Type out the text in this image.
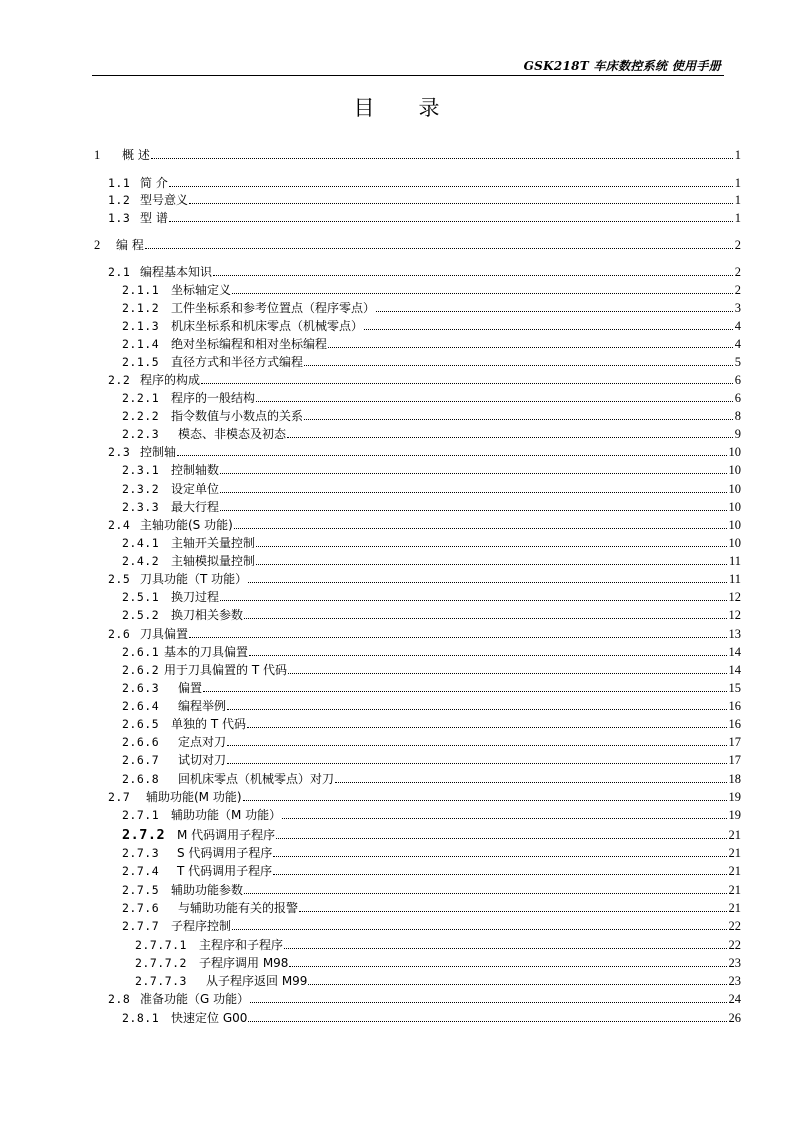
GSK218T 车床数控系统 使用手册
目 录
1 概 述	1
1.1 简 介	1
1.2 型号意义	1
1.3 型 谱	1
2 编 程	2
2.1 编程基本知识	2
2.1.1 坐标轴定义	2
2.1.2 工件坐标系和参考位置点（程序零点）	3
2.1.3 机床坐标系和机床零点（机械零点）	4
2.1.4 绝对坐标编程和相对坐标编程	4
2.1.5 直径方式和半径方式编程	5
2.2 程序的构成	6
2.2.1 程序的一般结构	6
2.2.2 指令数值与小数点的关系	8
2.2.3 模态、非模态及初态	9
2.3 控制轴	10
2.3.1 控制轴数	10
2.3.2 设定单位	10
2.3.3 最大行程	10
2.4 主轴功能(S 功能)	10
2.4.1 主轴开关量控制	10
2.4.2 主轴模拟量控制	11
2.5 刀具功能（T 功能）	11
2.5.1 换刀过程	12
2.5.2 换刀相关参数	12
2.6 刀具偏置	13
2.6.1 基本的刀具偏置	14
2.6.2 用于刀具偏置的 T 代码	14
2.6.3 偏置	15
2.6.4 编程举例	16
2.6.5 单独的 T 代码	16
2.6.6 定点对刀	17
2.6.7 试切对刀	17
2.6.8 回机床零点（机械零点）对刀	18
2.7 辅助功能(M 功能)	19
2.7.1 辅助功能（M 功能）	19
2.7.2 M 代码调用子程序	21
2.7.3 S 代码调用子程序	21
2.7.4 T 代码调用子程序	21
2.7.5 辅助功能参数	21
2.7.6 与辅助功能有关的报警	21
2.7.7 子程序控制	22
2.7.7.1 主程序和子程序	22
2.7.7.2 子程序调用 M98	23
2.7.7.3 从子程序返回 M99	23
2.8 准备功能（G 功能）	24
2.8.1 快速定位 G00	26
